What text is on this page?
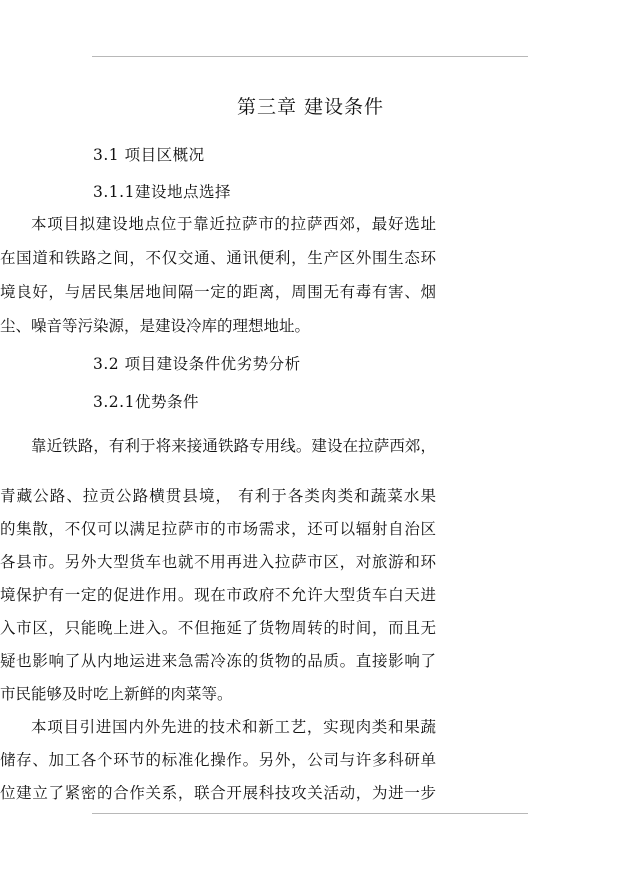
第三章 建设条件
3.1 项目区概况
3.1.1建设地点选择
本项目拟建设地点位于靠近拉萨市的拉萨西郊，最好选址
在国道和铁路之间，不仅交通、通讯便利，生产区外围生态环
境良好，与居民集居地间隔一定的距离，周围无有毒有害、烟
尘、噪音等污染源，是建设冷库的理想地址。
3.2 项目建设条件优劣势分析
3.2.1优势条件
靠近铁路，有利于将来接通铁路专用线。建设在拉萨西郊，
青藏公路、拉贡公路横贯县境， 有利于各类肉类和蔬菜水果
的集散，不仅可以满足拉萨市的市场需求，还可以辐射自治区
各县市。另外大型货车也就不用再进入拉萨市区，对旅游和环
境保护有一定的促进作用。现在市政府不允许大型货车白天进
入市区，只能晚上进入。不但拖延了货物周转的时间，而且无
疑也影响了从内地运进来急需冷冻的货物的品质。直接影响了
市民能够及时吃上新鲜的肉菜等。
本项目引进国内外先进的技术和新工艺，实现肉类和果蔬
储存、加工各个环节的标准化操作。另外，公司与许多科研单
位建立了紧密的合作关系，联合开展科技攻关活动，为进一步
